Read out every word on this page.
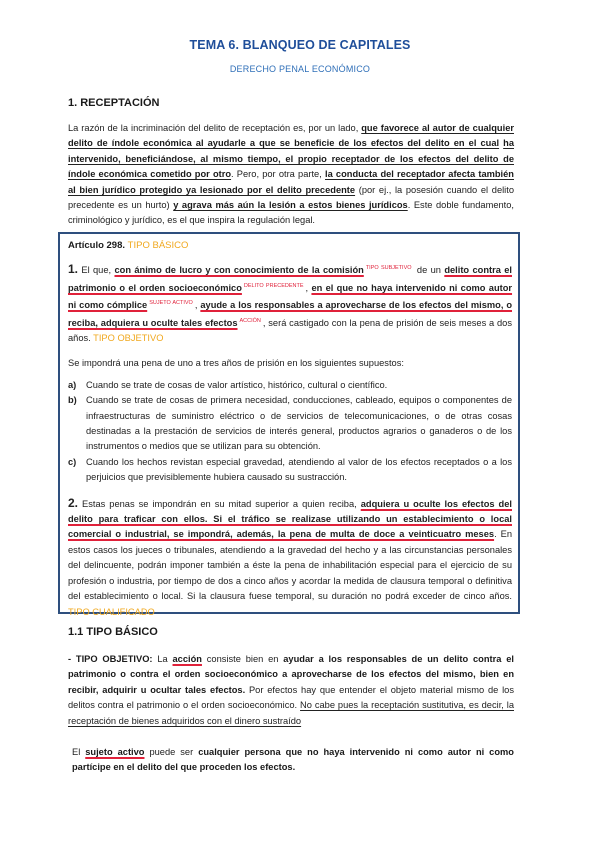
TEMA 6. BLANQUEO DE CAPITALES
DERECHO PENAL ECONÓMICO
1. RECEPTACIÓN

La razón de la incriminación del delito de receptación es, por un lado, que favorece al autor de cualquier delito de índole económica al ayudarle a que se beneficie de los efectos del delito en el cual ha intervenido, beneficiándose, al mismo tiempo, el propio receptador de los efectos del delito de índole económica cometido por otro. Pero, por otra parte, la conducta del receptador afecta también al bien jurídico protegido ya lesionado por el delito precedente (por ej., la posesión cuando el delito precedente es un hurto) y agrava más aún la lesión a estos bienes jurídicos. Este doble fundamento, criminológico y jurídico, es el que inspira la regulación legal.

Artículo 298. TIPO BÁSICO

1. El que, con ánimo de lucro y con conocimiento de la comisión $^{TIPO SUBJETIVO}$ de un delito contra el patrimonio o el orden socioeconómico $^{DELITO PRECEDENTE}$ , en el que no haya intervenido ni como autor ni como cómplice $^{SUJETO ACTIVO}$ , ayude a los responsables a aprovecharse de los efectos del mismo, o reciba, adquiera u oculte tales efectos $^{ACCIÓN}$ , será castigado con la pena de prisión de seis meses a dos años. TIPO OBJETIVO

Se impondrá una pena de uno a tres años de prisión en los siguientes supuestos:

a)	Cuando se trate de cosas de valor artístico, histórico, cultural o científico.
b) Cuando se trate de cosas de primera necesidad, conducciones, cableado, equipos o componentes de infraestructuras de suministro eléctrico o de servicios de telecomunicaciones, o de otras cosas destinadas a la prestación de servicios de interés general, productos agrarios o ganaderos o de los instrumentos o medios que se utilizan para su obtención.
c)	Cuando los hechos revistan especial gravedad, atendiendo al valor de los efectos receptados o a los perjuicios que previsiblemente hubiera causado su sustracción.

2. Estas penas se impondrán en su mitad superior a quien reciba, adquiera u oculte los efectos del delito para traficar con ellos. Si el tráfico se realizase utilizando un establecimiento o local comercial o industrial, se impondrá, además, la pena de multa de doce a veinticuatro meses. En estos casos los jueces o tribunales, atendiendo a la gravedad del hecho y a las circunstancias personales del delincuente, podrán imponer también a éste la pena de inhabilitación especial para el ejercicio de su profesión o industria, por tiempo de dos a cinco años y acordar la medida de clausura temporal o definitiva del establecimiento o local. Si la clausura fuese temporal, su duración no podrá exceder de cinco años. TIPO CUALIFICADO

1.1 TIPO BÁSICO

- TIPO OBJETIVO: La acción consiste bien en ayudar a los responsables de un delito contra el patrimonio o contra el orden socioeconómico a aprovecharse de los efectos del mismo, bien en recibir, adquirir u ocultar tales efectos. Por efectos hay que entender el objeto material mismo de los delitos contra el patrimonio o el orden socioeconómico. No cabe pues la receptación sustitutiva, es decir, la receptación de bienes adquiridos con el dinero sustraído

El sujeto activo puede ser cualquier persona que no haya intervenido ni como autor ni como partícipe en el delito del que proceden los efectos.
